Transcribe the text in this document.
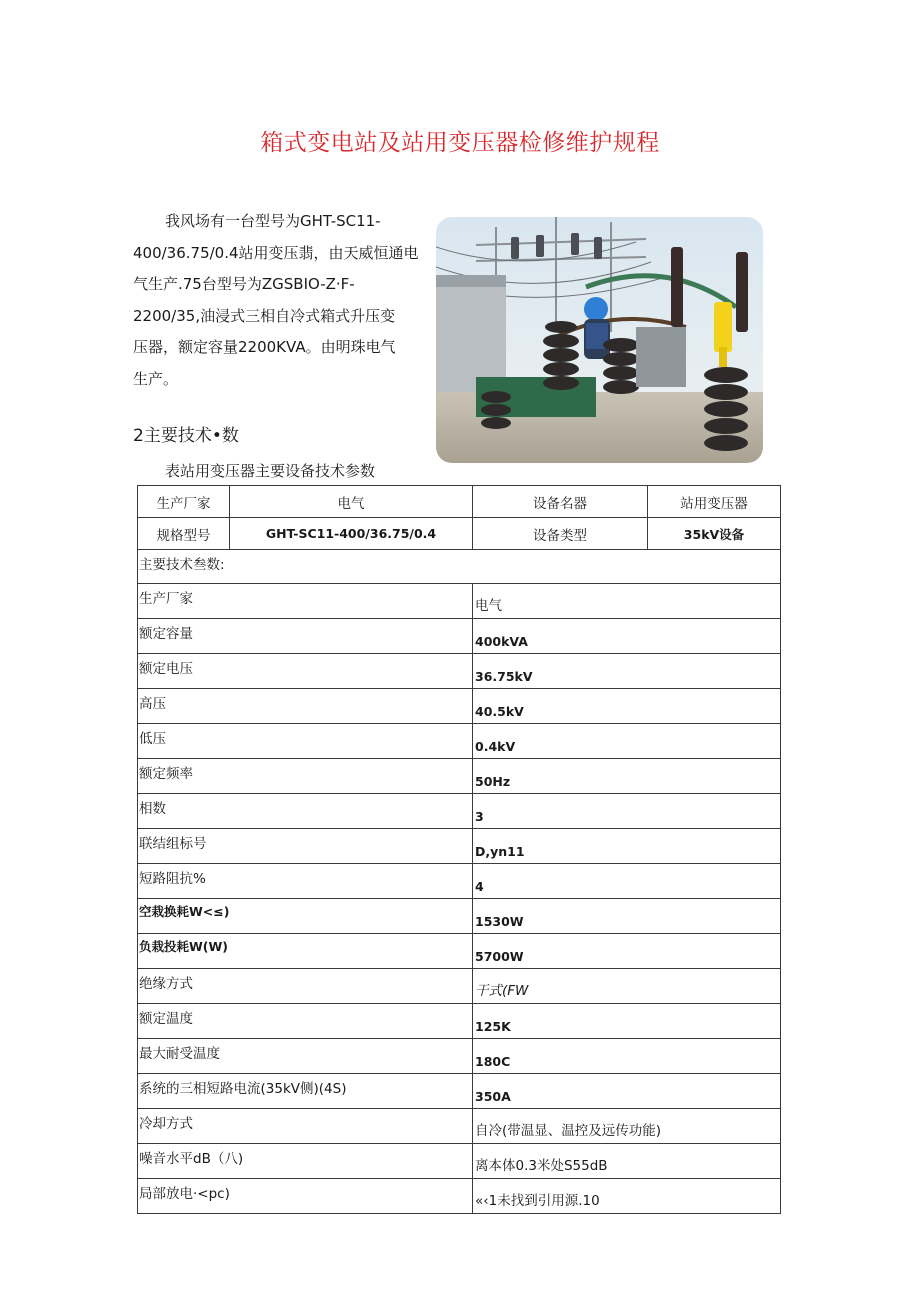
箱式变电站及站用变压器检修维护规程
我风场有一台型号为GHT-SC11-
400/36.75/0.4站用变压翡，由天威恒通电
气生产.75台型号为ZGSBIO-Z·F-
2200/35,油浸式三相自冷式箱式升压变
压器，额定容量2200KVA。由明珠电气
生产。
2主要技术•数
表站用变压器主要设备技术参数
生产厂家	电气	设备名器	站用变压器
规格型号	GHT-SC11-400/36.75/0.4	设备类型	35kV设备
主要技术叁数:			
生产厂家		电气	
额定容量		400kVA	
额定电压		36.75kV	
高压		40.5kV	
低压		0.4kV	
额定频率		50Hz	
相数		3	
联结组标号		D,yn11	
短路阻抗%		4	
空栽换耗W<≤)		1530W	
负栽投耗W(W)		5700W	
绝缘方式		干式(FW	
额定温度		125K	
最大耐受温度		180C	
系统的三相短路电流(35kV侧)(4S)		350A	
冷却方式		自冷(带温显、温控及远传功能)	
噪音水平dB（八)		离本体0.3米处S55dB	
局部放电·<pc)		«‹1未找到引用源.10	
